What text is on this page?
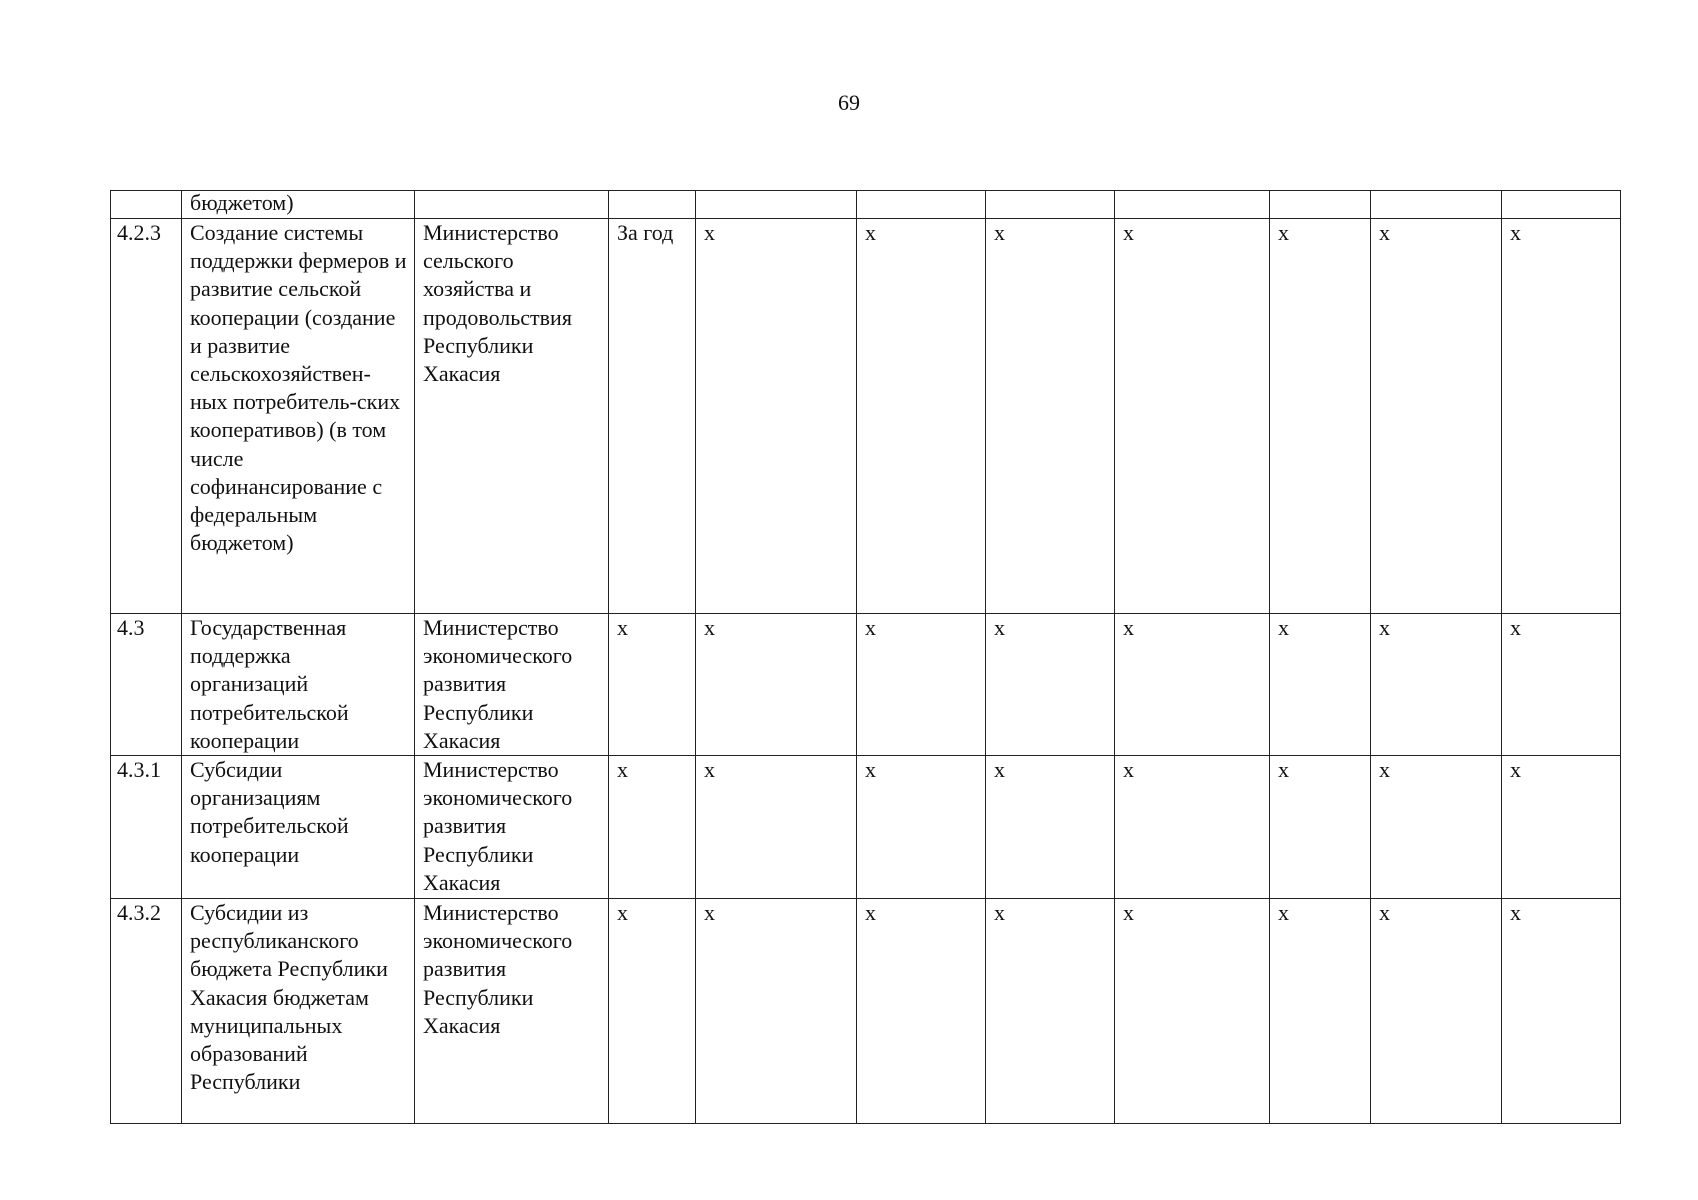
69
	бюджетом)									
4.2.3	Создание системы поддержки фермеров и развитие сельской кооперации (создание и развитие сельскохозяйствен-ных потребитель-ских кооперативов) (в том числе софинансирование с федеральным бюджетом)	Министерство сельского хозяйства и продовольствия Республики Хакасия	За год	x	x	x	x	x	x	x
4.3	Государственная поддержка организаций потребительской кооперации	Министерство экономического развития Республики Хакасия	x	x	x	x	x	x	x	x
4.3.1	Субсидии организациям потребительской кооперации	Министерство экономического развития Республики Хакасия	x	x	x	x	x	x	x	x
4.3.2	Субсидии из республиканского бюджета Республики Хакасия бюджетам муниципальных образований Республики	Министерство экономического развития Республики Хакасия	x	x	x	x	x	x	x	x
